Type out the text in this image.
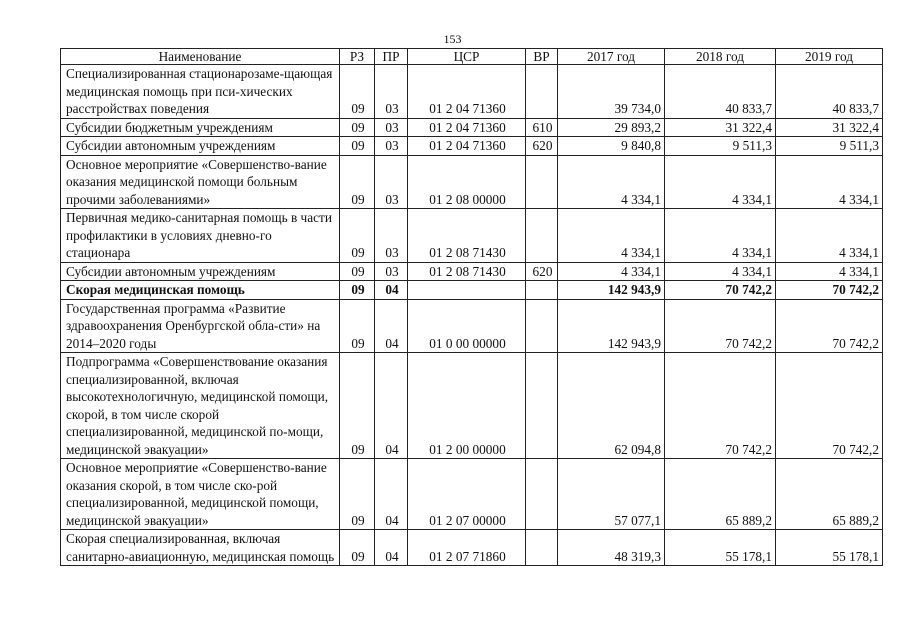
153
Наименование	РЗ	ПР	ЦСР	ВР	2017 год	2018 год	2019 год
Специализированная стационарозаме-щающая медицинская помощь при пси-хических расстройствах поведения	09	03	01 2 04 71360		39 734,0	40 833,7	40 833,7
Субсидии бюджетным учреждениям	09	03	01 2 04 71360	610	29 893,2	31 322,4	31 322,4
Субсидии автономным учреждениям	09	03	01 2 04 71360	620	9 840,8	9 511,3	9 511,3
Основное мероприятие «Совершенство-вание оказания медицинской помощи больным прочими заболеваниями»	09	03	01 2 08 00000		4 334,1	4 334,1	4 334,1
Первичная медико-санитарная помощь в части профилактики в условиях дневно-го стационара	09	03	01 2 08 71430		4 334,1	4 334,1	4 334,1
Субсидии автономным учреждениям	09	03	01 2 08 71430	620	4 334,1	4 334,1	4 334,1
Скорая медицинская помощь	09	04			142 943,9	70 742,2	70 742,2
Государственная программа «Развитие здравоохранения Оренбургской обла-сти» на 2014–2020 годы	09	04	01 0 00 00000		142 943,9	70 742,2	70 742,2
Подпрограмма «Совершенствование оказания специализированной, включая высокотехнологичную, медицинской помощи, скорой, в том числе скорой специализированной, медицинской по-мощи, медицинской эвакуации»	09	04	01 2 00 00000		62 094,8	70 742,2	70 742,2
Основное мероприятие «Совершенство-вание оказания скорой, в том числе ско-рой специализированной, медицинской помощи, медицинской эвакуации»	09	04	01 2 07 00000		57 077,1	65 889,2	65 889,2
Скорая специализированная, включая санитарно-авиационную, медицинская помощь	09	04	01 2 07 71860		48 319,3	55 178,1	55 178,1
